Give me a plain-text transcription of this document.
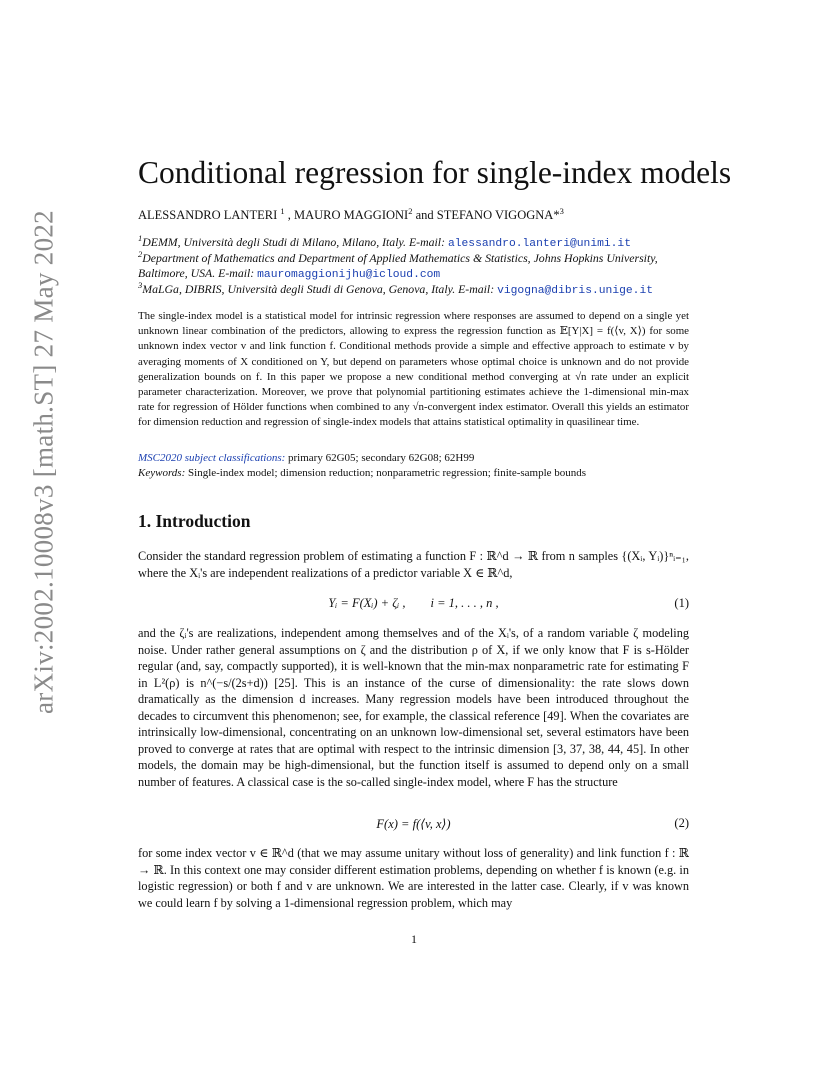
arXiv:2002.10008v3 [math.ST] 27 May 2022
Conditional regression for single-index models
ALESSANDRO LANTERI $^1$ , MAURO MAGGIONI$^2$ and STEFANO VIGOGNA*$^3$
$^1$DEMM, Università degli Studi di Milano, Milano, Italy. E-mail: alessandro.lanteri@unimi.it
$^2$Department of Mathematics and Department of Applied Mathematics & Statistics, Johns Hopkins University, Baltimore, USA. E-mail: mauromaggionijhu@icloud.com
$^3$MaLGa, DIBRIS, Università degli Studi di Genova, Genova, Italy. E-mail: vigogna@dibris.unige.it

The single-index model is a statistical model for intrinsic regression where responses are assumed to depend on a single yet unknown linear combination of the predictors, allowing to express the regression function as 𝔼[Y|X] = f(⟨v, X⟩) for some unknown index vector v and link function f. Conditional methods provide a simple and effective approach to estimate v by averaging moments of X conditioned on Y, but depend on parameters whose optimal choice is unknown and do not provide generalization bounds on f. In this paper we propose a new conditional method converging at √n rate under an explicit parameter characterization. Moreover, we prove that polynomial partitioning estimates achieve the 1-dimensional min-max rate for regression of Hölder functions when combined to any √n-convergent index estimator. Overall this yields an estimator for dimension reduction and regression of single-index models that attains statistical optimality in quasilinear time.

MSC2020 subject classifications: primary 62G05; secondary 62G08; 62H99
Keywords: Single-index model; dimension reduction; nonparametric regression; finite-sample bounds
1. Introduction

Consider the standard regression problem of estimating a function F : ℝ^d → ℝ from n samples {(Xᵢ, Yᵢ)}ⁿᵢ₌₁, where the Xᵢ's are independent realizations of a predictor variable X ∈ ℝ^d,

Yᵢ = F(Xᵢ) + ζᵢ ,        i = 1, . . . , n ,	(1)

and the ζᵢ's are realizations, independent among themselves and of the Xᵢ's, of a random variable ζ modeling noise. Under rather general assumptions on ζ and the distribution ρ of X, if we only know that F is s-Hölder regular (and, say, compactly supported), it is well-known that the min-max nonparametric rate for estimating F in L²(ρ) is n^(−s/(2s+d)) [25]. This is an instance of the curse of dimensionality: the rate slows down dramatically as the dimension d increases. Many regression models have been introduced throughout the decades to circumvent this phenomenon; see, for example, the classical reference [49]. When the covariates are intrinsically low-dimensional, concentrating on an unknown low-dimensional set, several estimators have been proved to converge at rates that are optimal with respect to the intrinsic dimension [3, 37, 38, 44, 45]. In other models, the domain may be high-dimensional, but the function itself is assumed to depend only on a small number of features. A classical case is the so-called single-index model, where F has the structure

F(x) = f(⟨v, x⟩)	(2)

for some index vector v ∈ ℝ^d (that we may assume unitary without loss of generality) and link function f : ℝ → ℝ. In this context one may consider different estimation problems, depending on whether f is known (e.g. in logistic regression) or both f and v are unknown. We are interested in the latter case. Clearly, if v was known we could learn f by solving a 1-dimensional regression problem, which may

1
